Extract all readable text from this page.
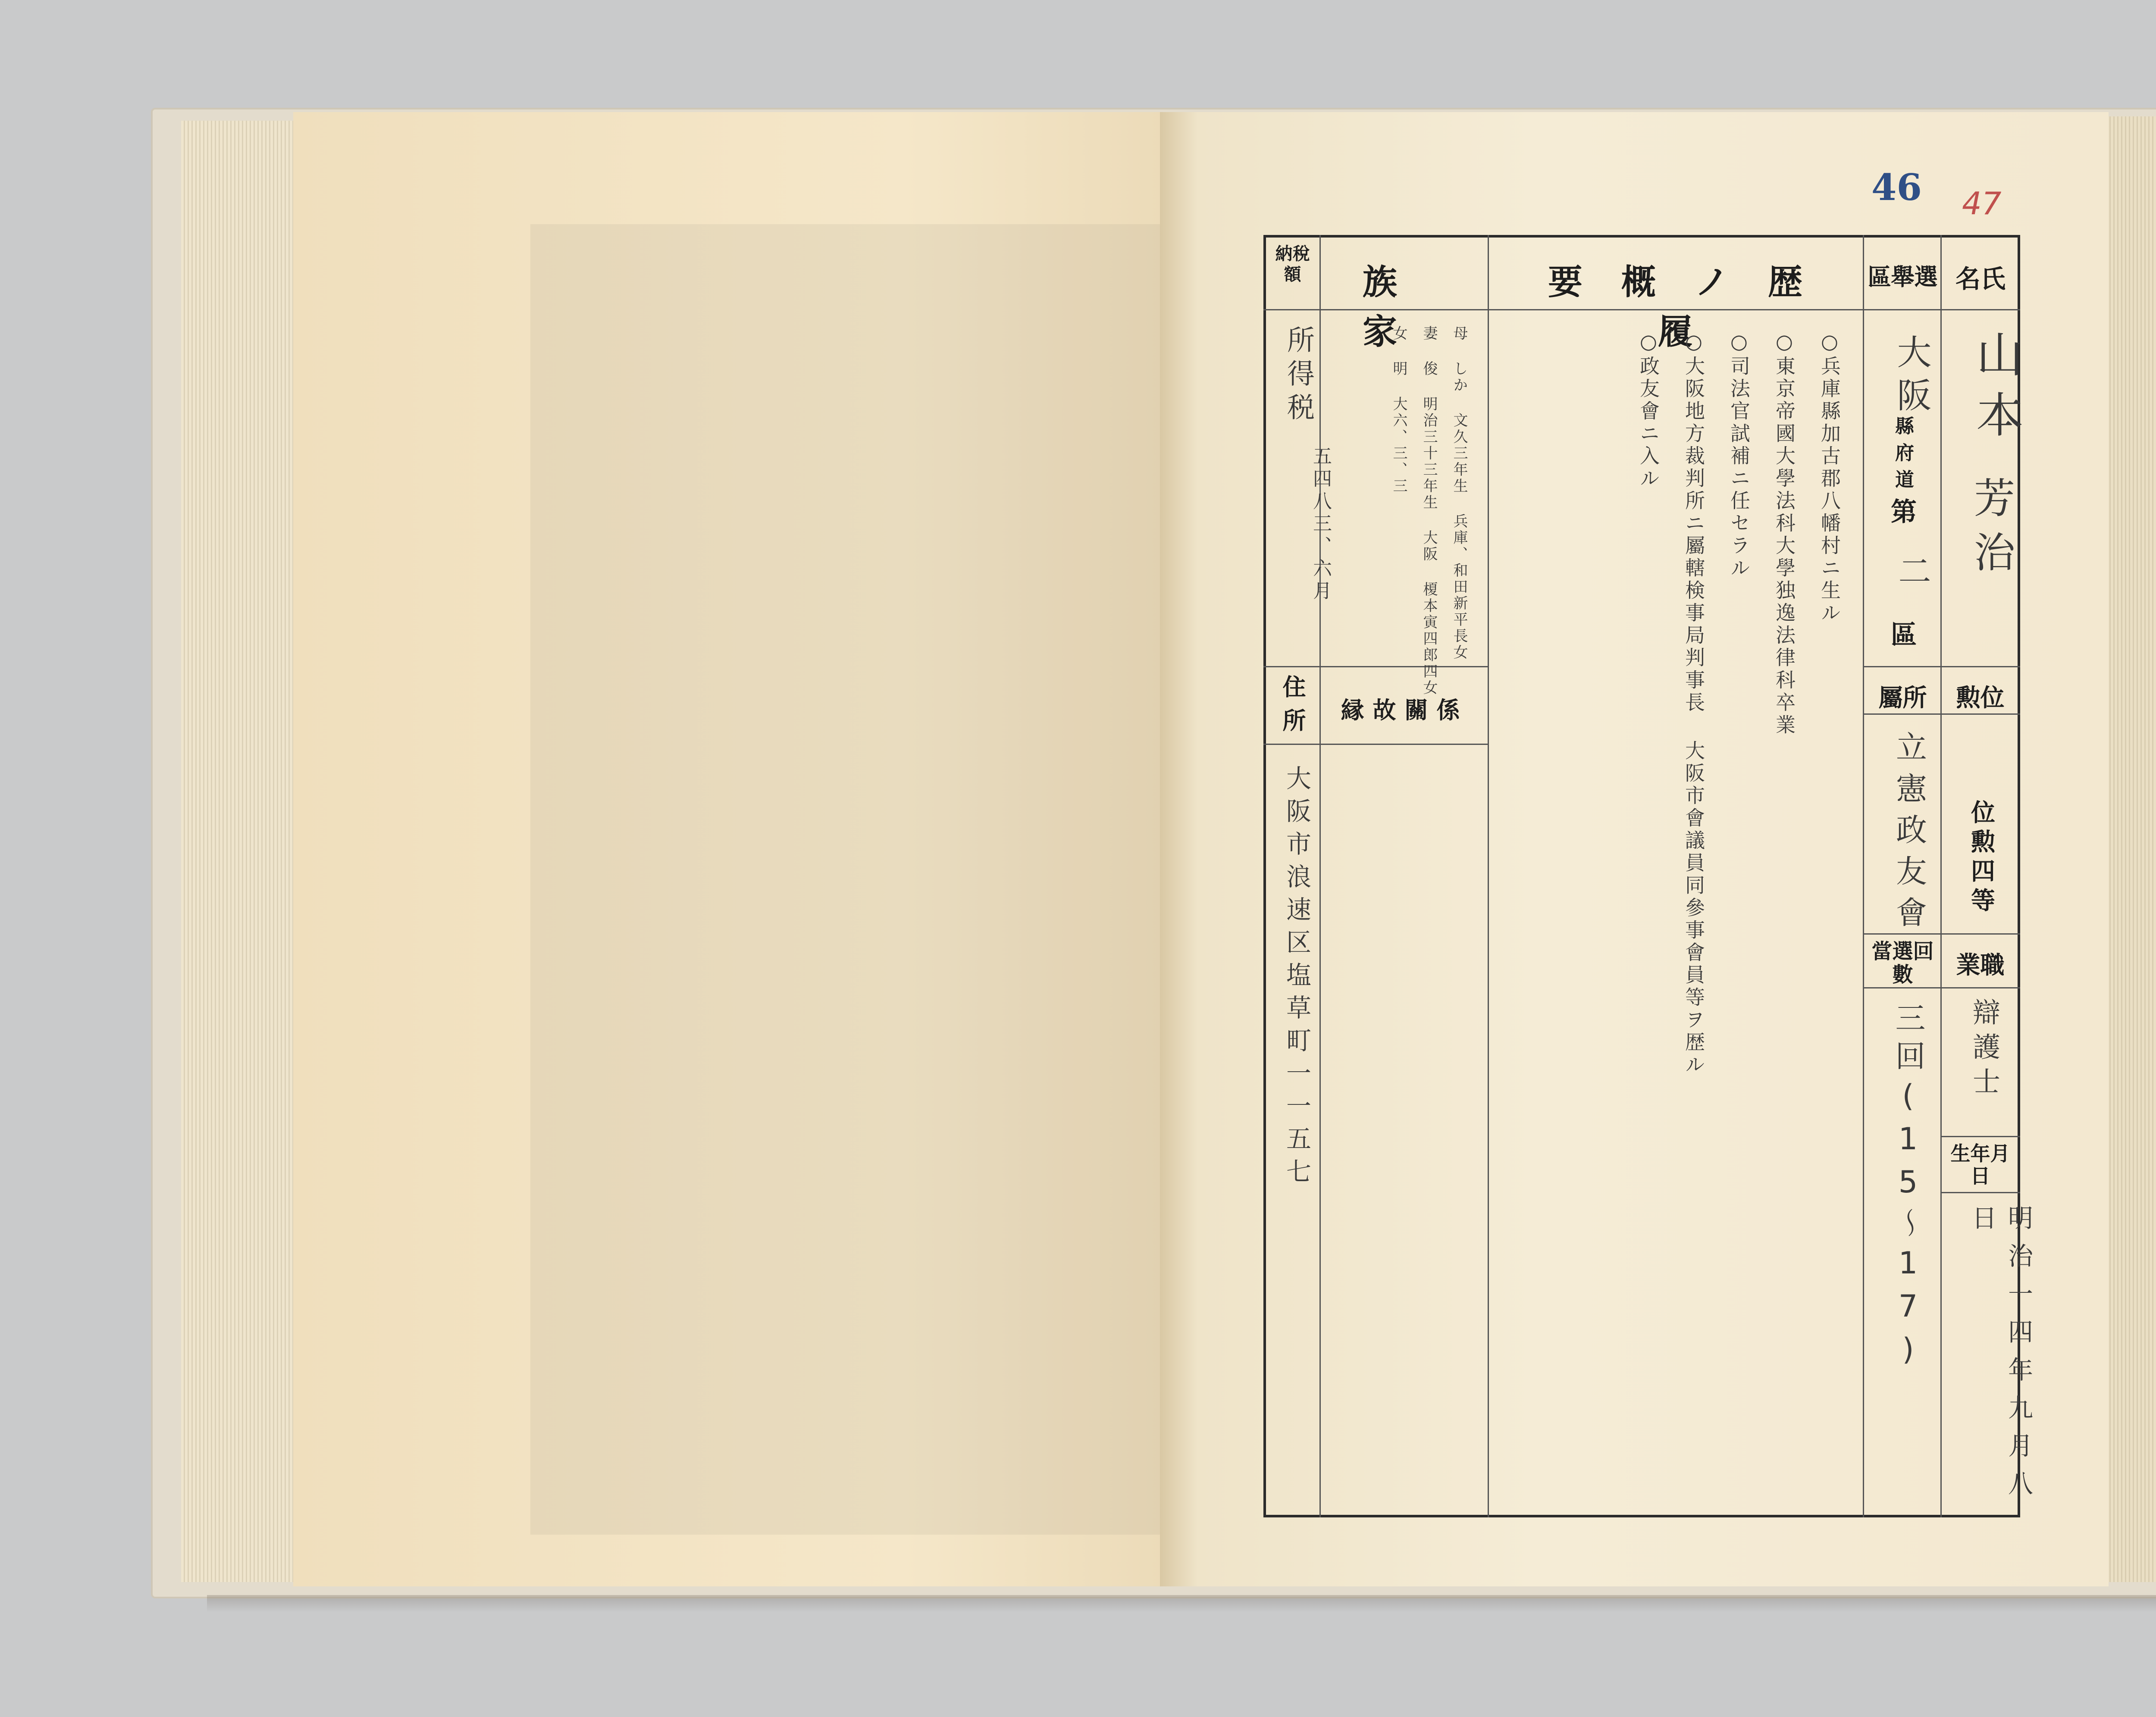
46 47
納稅額	族家
要概ノ歴履
區舉選 名氏
山本
芳治
大阪
縣府道
第
二
區
勲位
位勲四等
屬所
立憲政友會
業職
辯護士
當選回數
三回(15〜17) 生年月日
明治一四年九月八日
○兵庫縣加古郡八幡村ニ生ル
○東京帝國大學法科大學独逸法律科卒業
○司法官試補ニ任セラル
○大阪地方裁判所ニ屬轄検事局判事長 大阪市會議員同參事會員等ヲ歴ル
○政友會ニ入ル
母 しか 文久三年生 兵庫、和田新平長女
妻 俊 明治三十三年生 大阪 榎本寅四郎四女
女 明 大六、三、三
縁故關係
所得税
五四八三、六月
住所
大阪市浪速区塩草町一一五七
